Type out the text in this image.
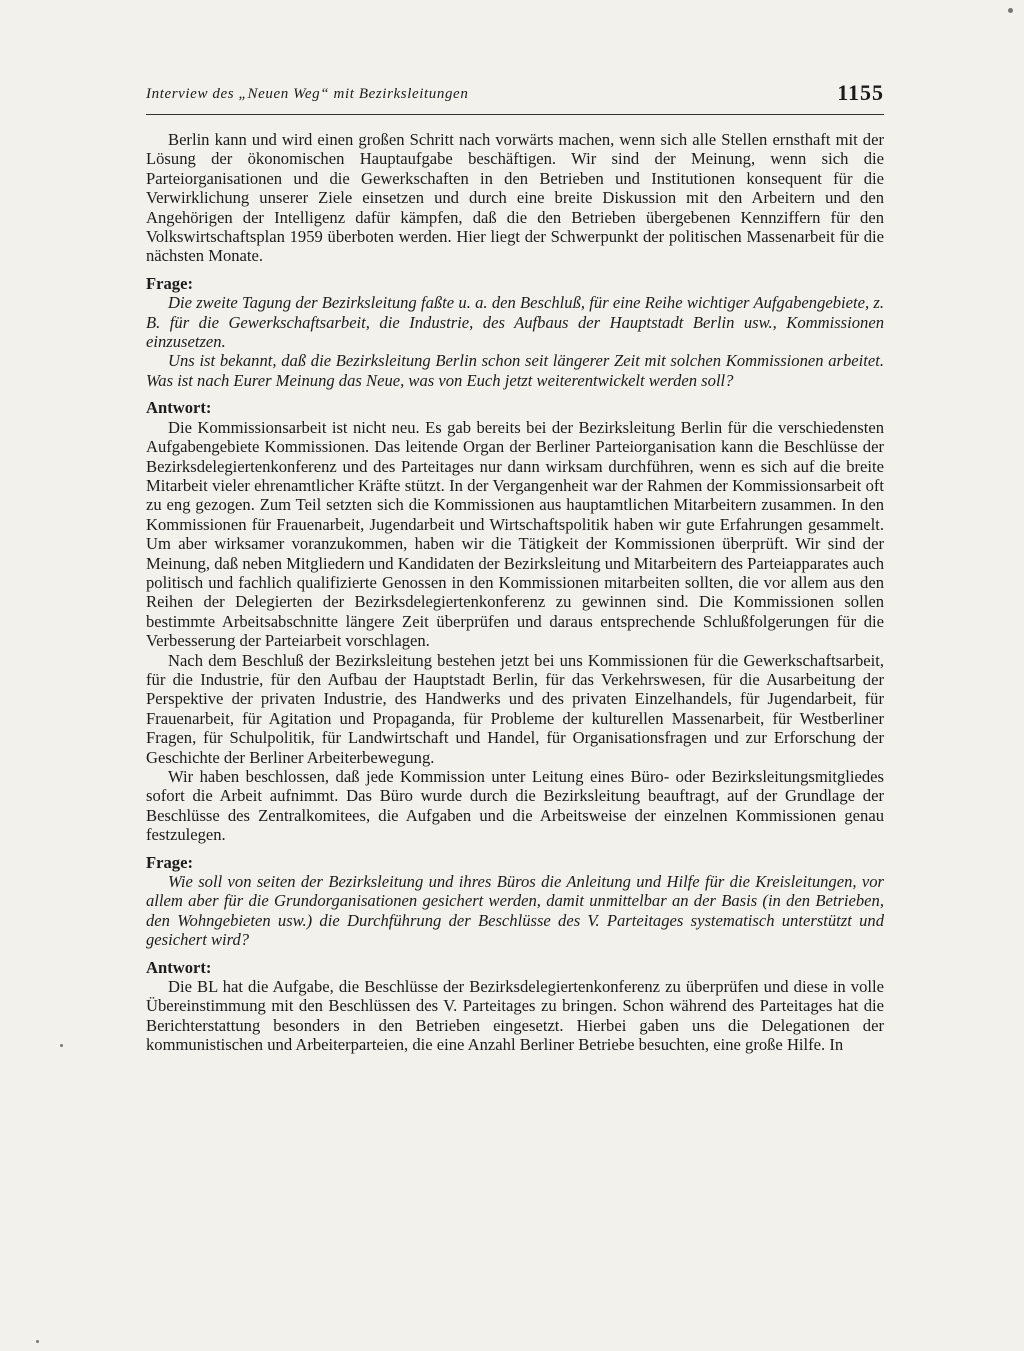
Interview des „Neuen Weg“ mit Bezirksleitungen	1155

Berlin kann und wird einen großen Schritt nach vorwärts machen, wenn sich alle Stellen ernsthaft mit der Lösung der ökonomischen Hauptaufgabe beschäftigen. Wir sind der Meinung, wenn sich die Parteiorganisationen und die Gewerkschaften in den Betrieben und Institutionen konsequent für die Verwirklichung unserer Ziele einsetzen und durch eine breite Diskussion mit den Arbeitern und den Angehörigen der Intelligenz dafür kämpfen, daß die den Betrieben übergebenen Kennziffern für den Volkswirtschaftsplan 1959 überboten werden. Hier liegt der Schwerpunkt der politischen Massenarbeit für die nächsten Monate.

Frage:

Die zweite Tagung der Bezirksleitung faßte u. a. den Beschluß, für eine Reihe wichtiger Aufgabengebiete, z. B. für die Gewerkschaftsarbeit, die Industrie, des Aufbaus der Hauptstadt Berlin usw., Kommissionen einzusetzen.

Uns ist bekannt, daß die Bezirksleitung Berlin schon seit längerer Zeit mit solchen Kommissionen arbeitet. Was ist nach Eurer Meinung das Neue, was von Euch jetzt weiterentwickelt werden soll?

Antwort:

Die Kommissionsarbeit ist nicht neu. Es gab bereits bei der Bezirksleitung Berlin für die verschiedensten Aufgabengebiete Kommissionen. Das leitende Organ der Berliner Parteiorganisation kann die Beschlüsse der Bezirksdelegiertenkonferenz und des Parteitages nur dann wirksam durchführen, wenn es sich auf die breite Mitarbeit vieler ehrenamtlicher Kräfte stützt. In der Vergangenheit war der Rahmen der Kommissionsarbeit oft zu eng gezogen. Zum Teil setzten sich die Kommissionen aus hauptamtlichen Mitarbeitern zusammen. In den Kommissionen für Frauenarbeit, Jugendarbeit und Wirtschaftspolitik haben wir gute Erfahrungen gesammelt. Um aber wirksamer voranzukommen, haben wir die Tätigkeit der Kommissionen überprüft. Wir sind der Meinung, daß neben Mitgliedern und Kandidaten der Bezirksleitung und Mitarbeitern des Parteiapparates auch politisch und fachlich qualifizierte Genossen in den Kommissionen mitarbeiten sollten, die vor allem aus den Reihen der Delegierten der Bezirksdelegiertenkonferenz zu gewinnen sind. Die Kommissionen sollen bestimmte Arbeitsabschnitte längere Zeit überprüfen und daraus entsprechende Schlußfolgerungen für die Verbesserung der Parteiarbeit vorschlagen.

Nach dem Beschluß der Bezirksleitung bestehen jetzt bei uns Kommissionen für die Gewerkschaftsarbeit, für die Industrie, für den Aufbau der Hauptstadt Berlin, für das Verkehrswesen, für die Ausarbeitung der Perspektive der privaten Industrie, des Handwerks und des privaten Einzelhandels, für Jugendarbeit, für Frauenarbeit, für Agitation und Propaganda, für Probleme der kulturellen Massenarbeit, für Westberliner Fragen, für Schulpolitik, für Landwirtschaft und Handel, für Organisationsfragen und zur Erforschung der Geschichte der Berliner Arbeiterbewegung.

Wir haben beschlossen, daß jede Kommission unter Leitung eines Büro- oder Bezirksleitungsmitgliedes sofort die Arbeit aufnimmt. Das Büro wurde durch die Bezirksleitung beauftragt, auf der Grundlage der Beschlüsse des Zentralkomitees, die Aufgaben und die Arbeitsweise der einzelnen Kommissionen genau festzulegen.

Frage:

Wie soll von seiten der Bezirksleitung und ihres Büros die Anleitung und Hilfe für die Kreisleitungen, vor allem aber für die Grundorganisationen gesichert werden, damit unmittelbar an der Basis (in den Betrieben, den Wohngebieten usw.) die Durchführung der Beschlüsse des V. Parteitages systematisch unterstützt und gesichert wird?

Antwort:

Die BL hat die Aufgabe, die Beschlüsse der Bezirksdelegiertenkonferenz zu überprüfen und diese in volle Übereinstimmung mit den Beschlüssen des V. Parteitages zu bringen. Schon während des Parteitages hat die Berichterstattung besonders in den Betrieben eingesetzt. Hierbei gaben uns die Delegationen der kommunistischen und Arbeiterparteien, die eine Anzahl Berliner Betriebe besuchten, eine große Hilfe. In
